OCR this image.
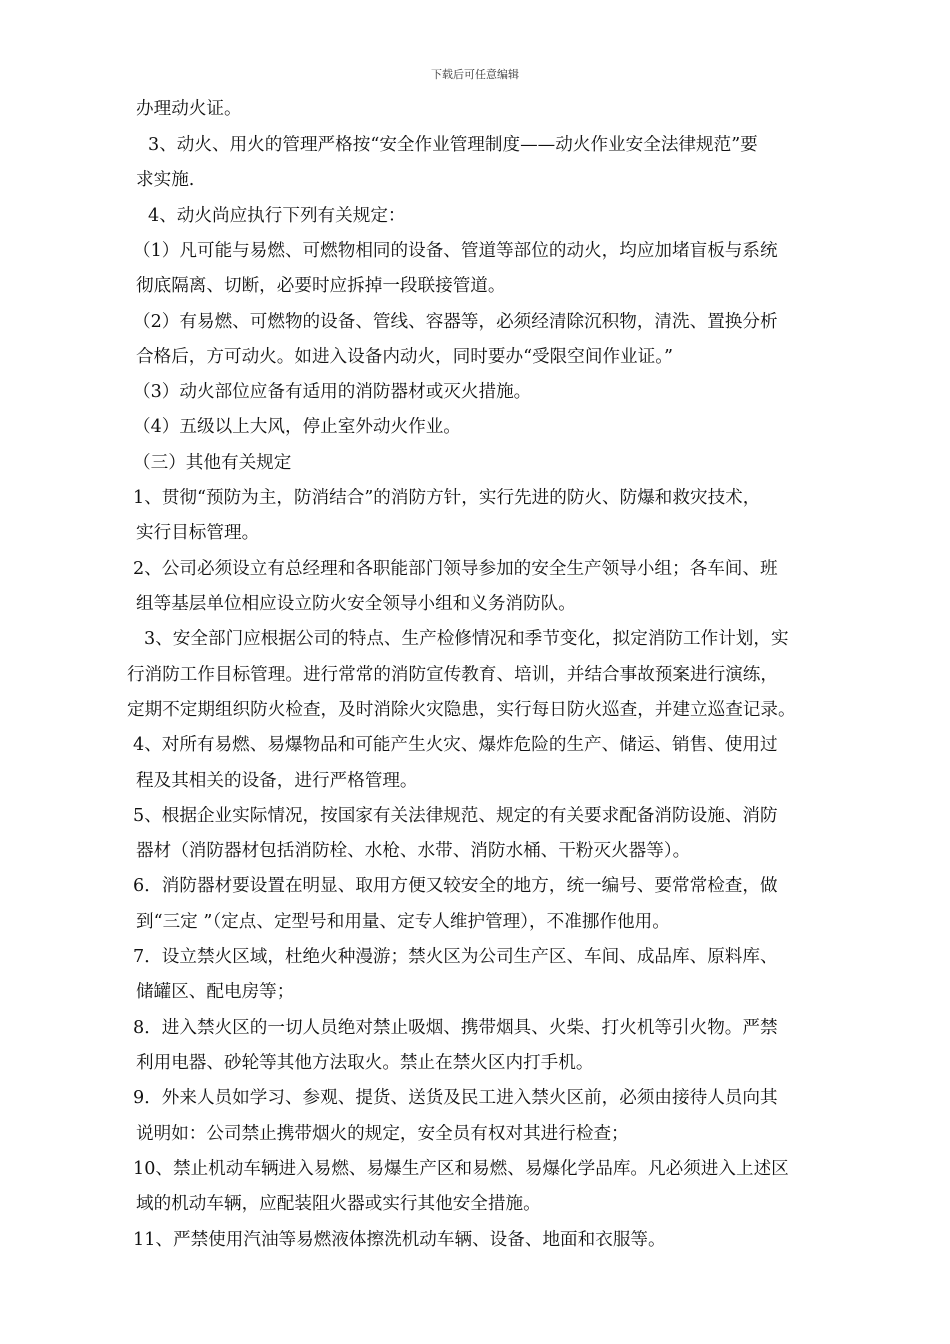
下载后可任意编辑
办理动火证。
3、动火、用火的管理严格按“安全作业管理制度——动火作业安全法律规范”要
求实施.
4、动火尚应执行下列有关规定：
（1）凡可能与易燃、可燃物相同的设备、管道等部位的动火，均应加堵盲板与系统
彻底隔离、切断，必要时应拆掉一段联接管道。
（2）有易燃、可燃物的设备、管线、容器等，必须经清除沉积物，清洗、置换分析
合格后，方可动火。如进入设备内动火，同时要办“受限空间作业证。”
（3）动火部位应备有适用的消防器材或灭火措施。
（4）五级以上大风，停止室外动火作业。
（三）其他有关规定
1、贯彻“预防为主，防消结合”的消防方针，实行先进的防火、防爆和救灾技术，
实行目标管理。
2、公司必须设立有总经理和各职能部门领导参加的安全生产领导小组；各车间、班
组等基层单位相应设立防火安全领导小组和义务消防队。
3、安全部门应根据公司的特点、生产检修情况和季节变化，拟定消防工作计划，实
行消防工作目标管理。进行常常的消防宣传教育、培训，并结合事故预案进行演练，
定期不定期组织防火检查，及时消除火灾隐患，实行每日防火巡查，并建立巡查记录。
4、对所有易燃、易爆物品和可能产生火灾、爆炸危险的生产、储运、销售、使用过
程及其相关的设备，进行严格管理。
5、根据企业实际情况，按国家有关法律规范、规定的有关要求配备消防设施、消防
器材（消防器材包括消防栓、水枪、水带、消防水桶、干粉灭火器等）。
6．消防器材要设置在明显、取用方便又较安全的地方，统一编号、要常常检查，做
到“三定 ”（定点、定型号和用量、定专人维护管理），不准挪作他用。
7．设立禁火区域，杜绝火种漫游；禁火区为公司生产区、车间、成品库、原料库、
储罐区、配电房等；
8．进入禁火区的一切人员绝对禁止吸烟、携带烟具、火柴、打火机等引火物。严禁
利用电器、砂轮等其他方法取火。禁止在禁火区内打手机。
9．外来人员如学习、参观、提货、送货及民工进入禁火区前，必须由接待人员向其
说明如：公司禁止携带烟火的规定，安全员有权对其进行检查；
10、禁止机动车辆进入易燃、易爆生产区和易燃、易爆化学品库。凡必须进入上述区
域的机动车辆，应配装阻火器或实行其他安全措施。
11、严禁使用汽油等易燃液体擦洗机动车辆、设备、地面和衣服等。
